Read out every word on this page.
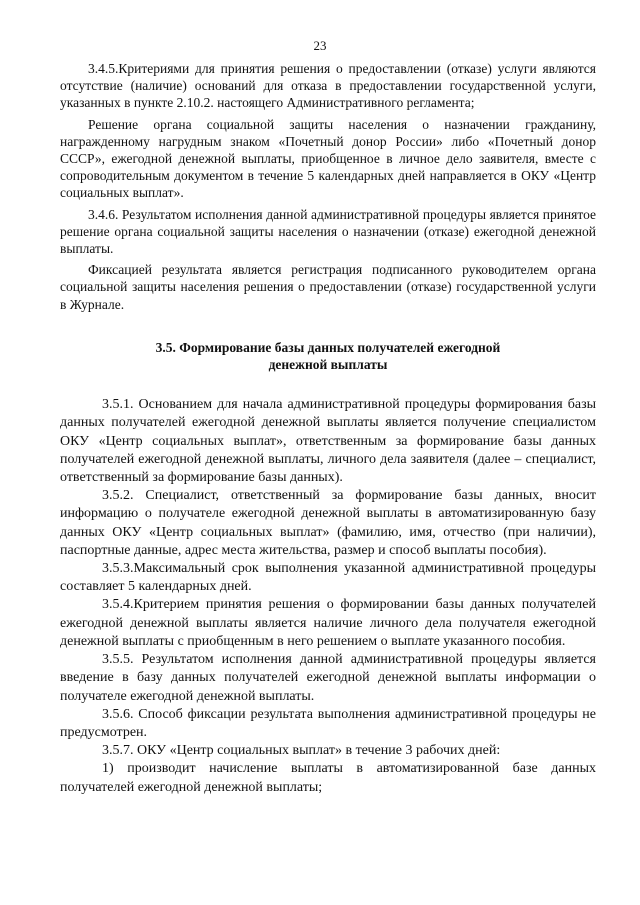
23

3.4.5.Критериями для принятия решения о предоставлении (отказе) услуги являются отсутствие (наличие) оснований для отказа в предоставлении государственной услуги, указанных в пункте 2.10.2. настоящего Административного регламента;

Решение органа социальной защиты населения о назначении гражданину, награжденному нагрудным знаком «Почетный донор России» либо «Почетный донор СССР», ежегодной денежной выплаты, приобщенное в личное дело заявителя, вместе с сопроводительным документом в течение 5 календарных дней направляется в ОКУ «Центр социальных выплат».

3.4.6. Результатом исполнения данной административной процедуры является принятое решение органа социальной защиты населения о назначении (отказе) ежегодной денежной выплаты.

Фиксацией результата является регистрация подписанного руководителем органа социальной защиты населения решения о предоставлении (отказе) государственной услуги в Журнале.

3.5. Формирование базы данных получателей ежегодной
денежной выплаты

3.5.1. Основанием для начала административной процедуры формирования базы данных получателей ежегодной денежной выплаты является получение специалистом ОКУ «Центр социальных выплат», ответственным за формирование базы данных получателей ежегодной денежной выплаты, личного дела заявителя (далее – специалист, ответственный за формирование базы данных).

3.5.2. Специалист, ответственный за формирование базы данных, вносит информацию о получателе ежегодной денежной выплаты в автоматизированную базу данных ОКУ «Центр социальных выплат» (фамилию, имя, отчество (при наличии), паспортные данные, адрес места жительства, размер и способ выплаты пособия).

3.5.3.Максимальный срок выполнения указанной административной процедуры составляет 5 календарных дней.

3.5.4.Критерием принятия решения о формировании базы данных получателей ежегодной денежной выплаты является наличие личного дела получателя ежегодной денежной выплаты с приобщенным в него решением о выплате указанного пособия.

3.5.5. Результатом исполнения данной административной процедуры является введение в базу данных получателей ежегодной денежной выплаты информации о получателе ежегодной денежной выплаты.

3.5.6. Способ фиксации результата выполнения административной процедуры не предусмотрен.

3.5.7. ОКУ «Центр социальных выплат» в течение 3 рабочих дней:

1) производит начисление выплаты в автоматизированной базе данных получателей ежегодной денежной выплаты;
